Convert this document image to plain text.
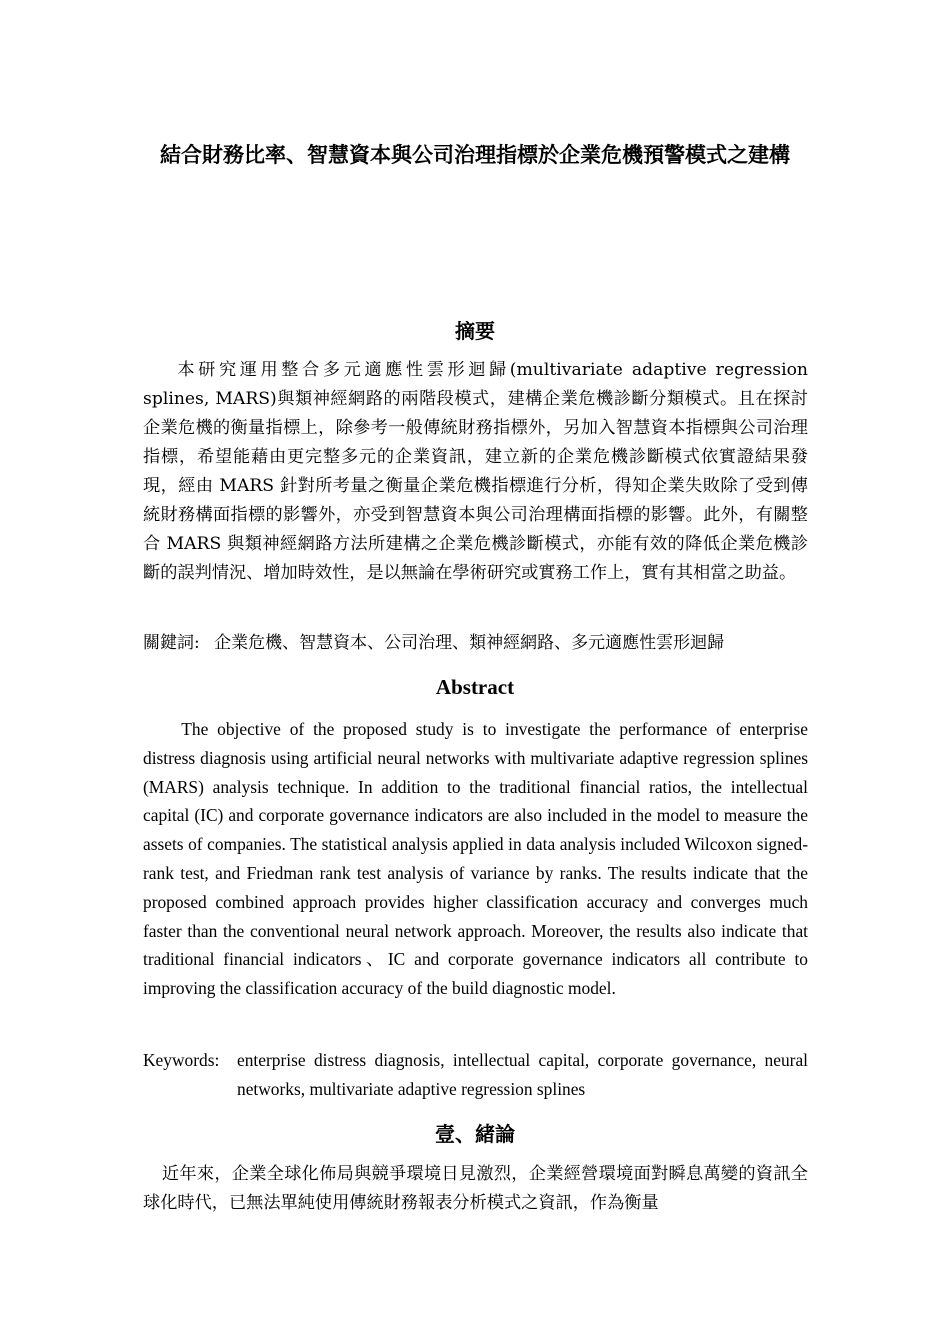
結合財務比率、智慧資本與公司治理指標於企業危機預警模式之建構
摘要

本研究運用整合多元適應性雲形迴歸(multivariate adaptive regression splines, MARS)與類神經網路的兩階段模式，建構企業危機診斷分類模式。且在探討企業危機的衡量指標上，除參考一般傳統財務指標外，另加入智慧資本指標與公司治理指標，希望能藉由更完整多元的企業資訊，建立新的企業危機診斷模式依實證結果發現，經由 MARS 針對所考量之衡量企業危機指標進行分析，得知企業失敗除了受到傳統財務構面指標的影響外，亦受到智慧資本與公司治理構面指標的影響。此外，有關整合 MARS 與類神經網路方法所建構之企業危機診斷模式，亦能有效的降低企業危機診斷的誤判情況、增加時效性，是以無論在學術研究或實務工作上，實有其相當之助益。

關鍵詞: 企業危機、智慧資本、公司治理、類神經網路、多元適應性雲形迴歸
Abstract

The objective of the proposed study is to investigate the performance of enterprise distress diagnosis using artificial neural networks with multivariate adaptive regression splines (MARS) analysis technique. In addition to the traditional financial ratios, the intellectual capital (IC) and corporate governance indicators are also included in the model to measure the assets of companies. The statistical analysis applied in data analysis included Wilcoxon signed-rank test, and Friedman rank test analysis of variance by ranks. The results indicate that the proposed combined approach provides higher classification accuracy and converges much faster than the conventional neural network approach. Moreover, the results also indicate that traditional financial indicators、IC and corporate governance indicators all contribute to improving the classification accuracy of the build diagnostic model.

Keywords:	enterprise distress diagnosis, intellectual capital, corporate governance, neural networks, multivariate adaptive regression splines
壹、緒論

近年來，企業全球化佈局與競爭環境日見激烈，企業經營環境面對瞬息萬變的資訊全球化時代，已無法單純使用傳統財務報表分析模式之資訊，作為衡量
